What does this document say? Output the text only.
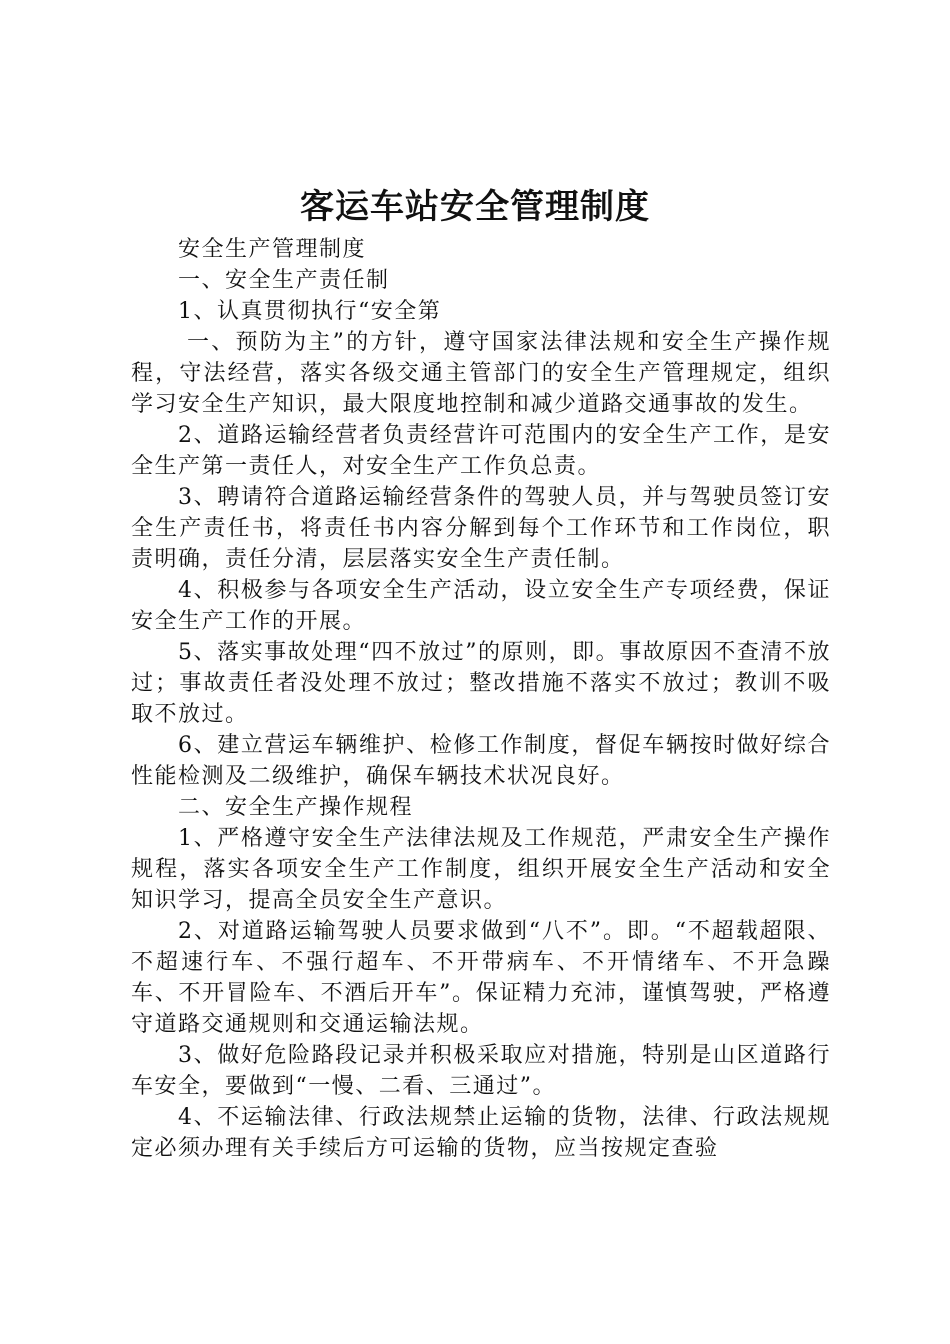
客运车站安全管理制度

安全生产管理制度

一、安全生产责任制

1、认真贯彻执行“安全第

一、预防为主”的方针，遵守国家法律法规和安全生产操作规程，守法经营，落实各级交通主管部门的安全生产管理规定，组织学习安全生产知识，最大限度地控制和减少道路交通事故的发生。

2、道路运输经营者负责经营许可范围内的安全生产工作，是安全生产第一责任人，对安全生产工作负总责。

3、聘请符合道路运输经营条件的驾驶人员，并与驾驶员签订安全生产责任书，将责任书内容分解到每个工作环节和工作岗位，职责明确，责任分清，层层落实安全生产责任制。

4、积极参与各项安全生产活动，设立安全生产专项经费，保证安全生产工作的开展。

5、落实事故处理“四不放过”的原则，即。事故原因不查清不放过；事故责任者没处理不放过；整改措施不落实不放过；教训不吸取不放过。

6、建立营运车辆维护、检修工作制度，督促车辆按时做好综合性能检测及二级维护，确保车辆技术状况良好。

二、安全生产操作规程

1、严格遵守安全生产法律法规及工作规范，严肃安全生产操作规程，落实各项安全生产工作制度，组织开展安全生产活动和安全知识学习，提高全员安全生产意识。

2、对道路运输驾驶人员要求做到“八不”。即。“不超载超限、不超速行车、不强行超车、不开带病车、不开情绪车、不开急躁车、不开冒险车、不酒后开车”。保证精力充沛，谨慎驾驶，严格遵守道路交通规则和交通运输法规。

3、做好危险路段记录并积极采取应对措施，特别是山区道路行车安全，要做到“一慢、二看、三通过”。

4、不运输法律、行政法规禁止运输的货物，法律、行政法规规定必须办理有关手续后方可运输的货物，应当按规定查验
